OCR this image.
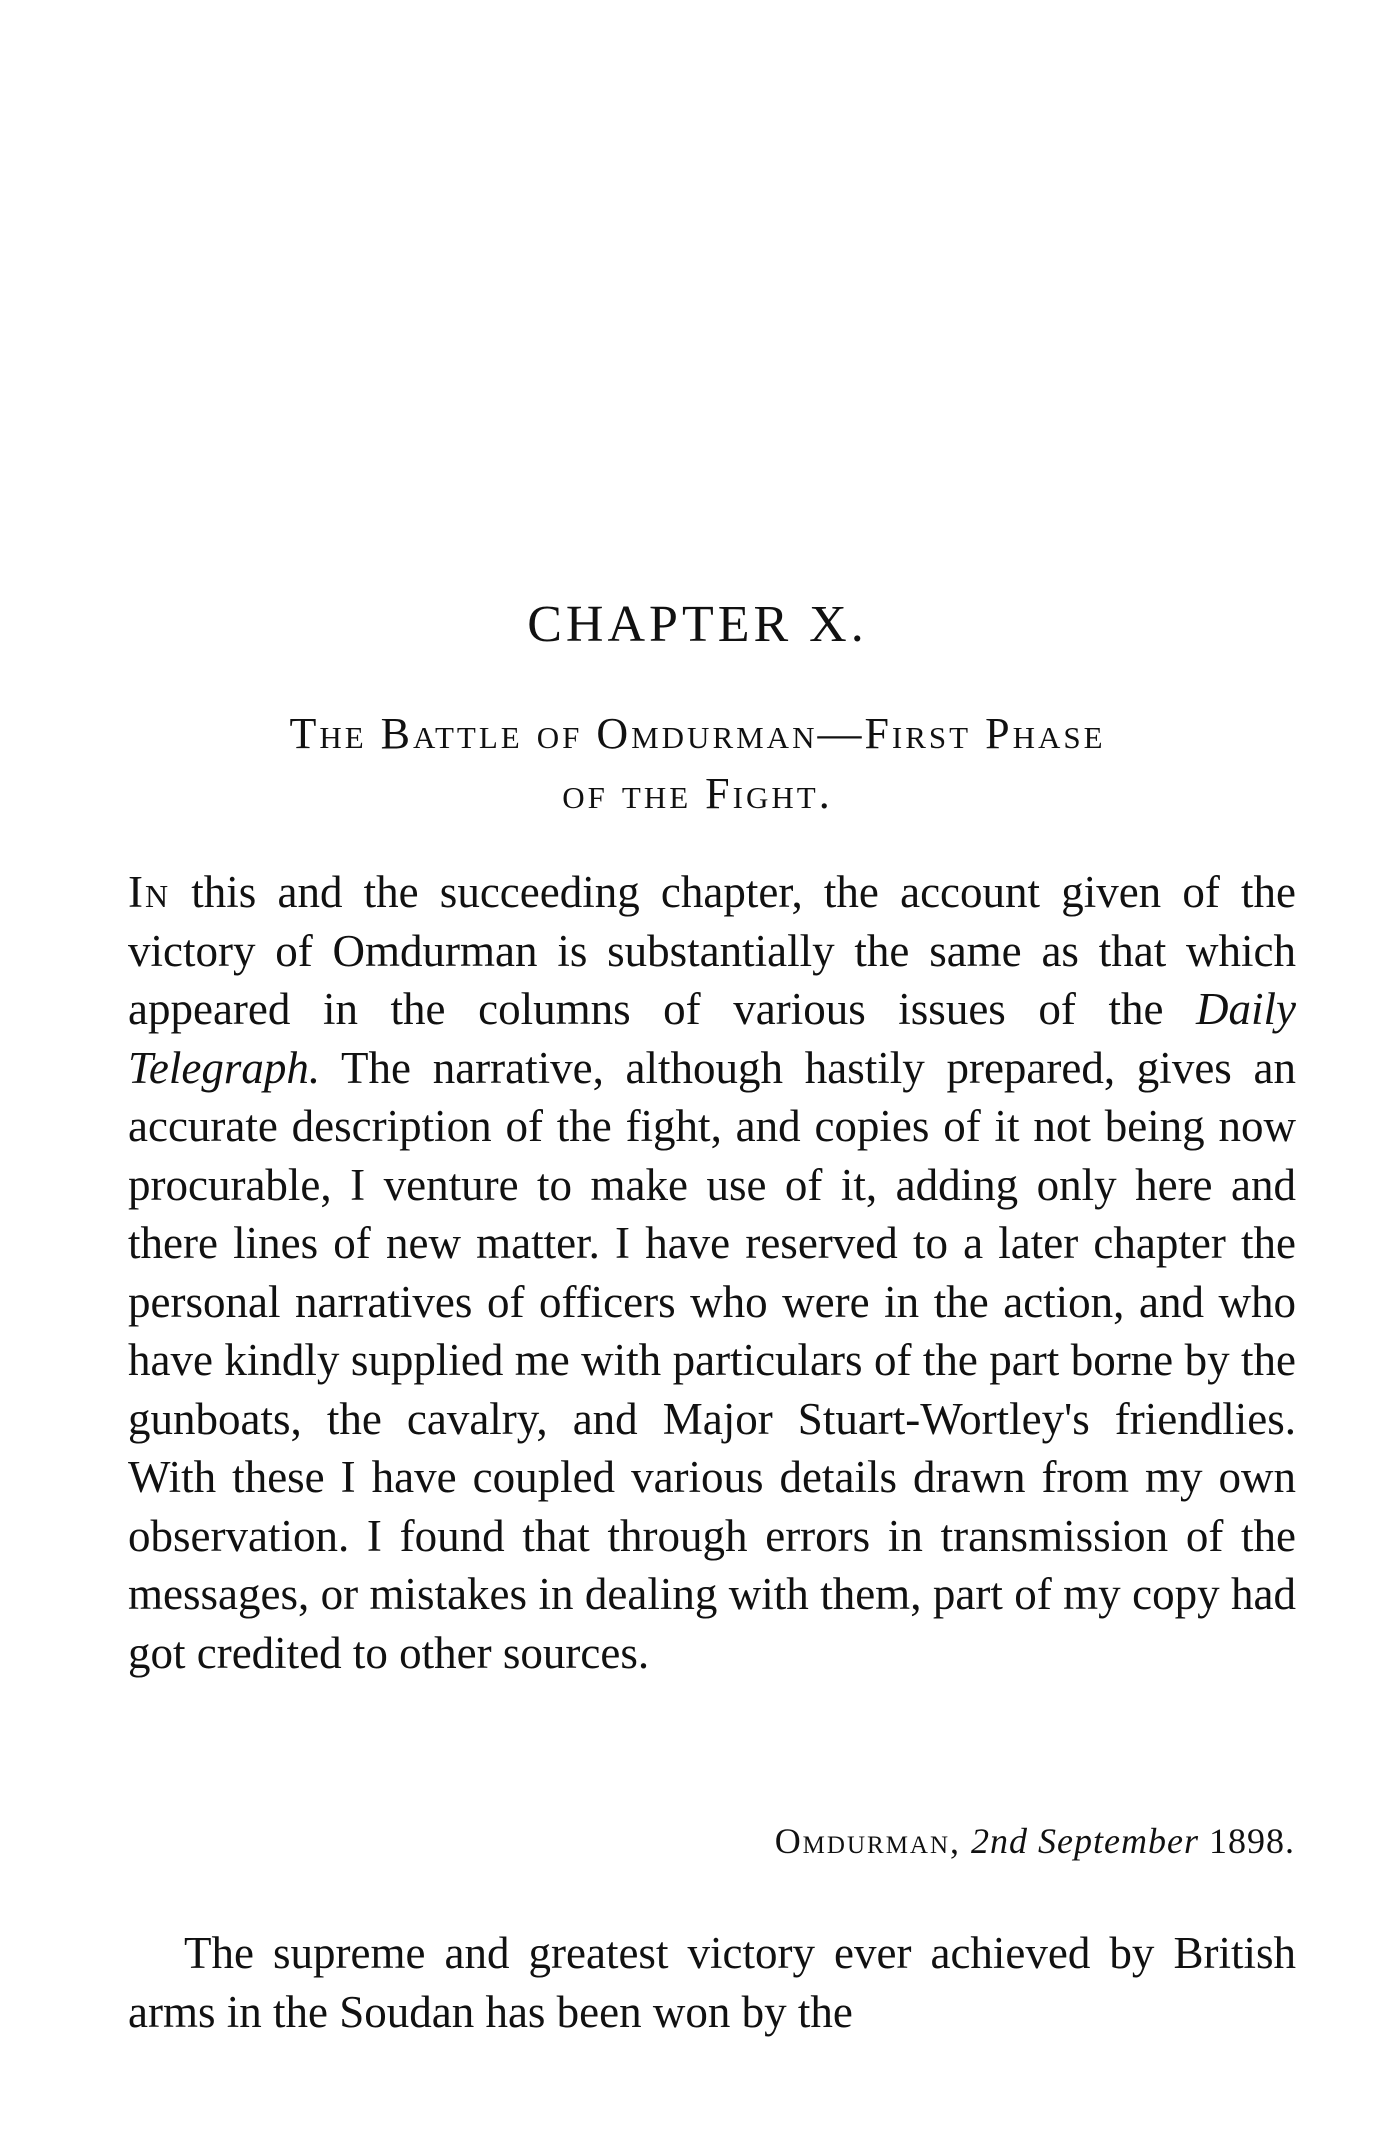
CHAPTER X.
The Battle of Omdurman—First Phase
of the Fight.
In this and the succeeding chapter, the account given of the victory of Omdurman is substantially the same as that which appeared in the columns of various issues of the Daily Telegraph. The narrative, although hastily prepared, gives an accurate description of the fight, and copies of it not being now procurable, I venture to make use of it, adding only here and there lines of new matter. I have reserved to a later chapter the personal narratives of officers who were in the action, and who have kindly supplied me with particulars of the part borne by the gunboats, the cavalry, and Major Stuart-Wortley's friendlies. With these I have coupled various details drawn from my own observation. I found that through errors in transmission of the messages, or mistakes in dealing with them, part of my copy had got credited to other sources.
Omdurman, 2nd September 1898.
The supreme and greatest victory ever achieved by British arms in the Soudan has been won by the
